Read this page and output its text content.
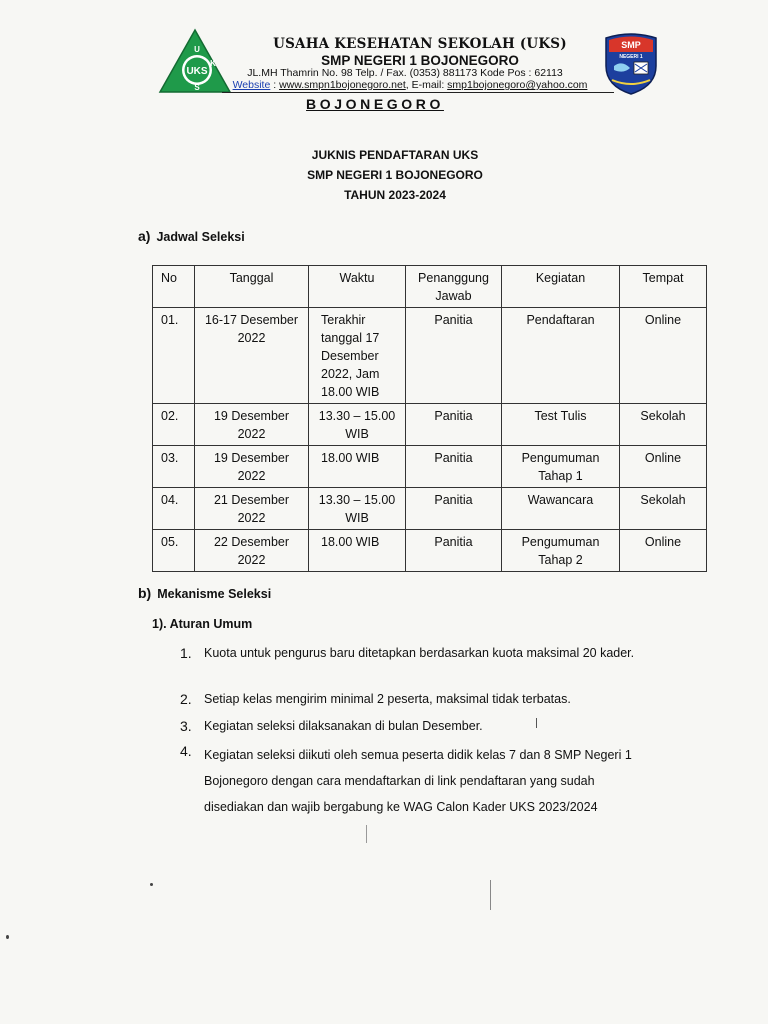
UKS
U
K
S
SMP
NEGERI 1
USAHA KESEHATAN SEKOLAH (UKS)
SMP NEGERI 1 BOJONEGORO
JL.MH Thamrin No. 98 Telp. / Fax. (0353) 881173 Kode Pos : 62113
Website : www.smpn1bojonegoro.net, E-mail: smp1bojonegoro@yahoo.com
BOJONEGORO
JUKNIS PENDAFTARAN UKS
SMP NEGERI 1 BOJONEGORO
TAHUN 2023-2024
a) Jadwal Seleksi
No	Tanggal	Waktu	Penanggung Jawab	Kegiatan	Tempat
01.	16-17 Desember 2022	Terakhir tanggal 17 Desember 2022, Jam 18.00 WIB	Panitia	Pendaftaran	Online
02.	19 Desember 2022	13.30 – 15.00 WIB	Panitia	Test Tulis	Sekolah
03.	19 Desember 2022	18.00 WIB	Panitia	Pengumuman Tahap 1	Online
04.	21 Desember 2022	13.30 – 15.00 WIB	Panitia	Wawancara	Sekolah
05.	22 Desember 2022	18.00 WIB	Panitia	Pengumuman Tahap 2	Online
b) Mekanisme Seleksi
1). Aturan Umum
1. Kuota untuk pengurus baru ditetapkan berdasarkan kuota maksimal 20 kader.
2. Setiap kelas mengirim minimal 2 peserta, maksimal tidak terbatas.
3. Kegiatan seleksi dilaksanakan di bulan Desember.
4. Kegiatan seleksi diikuti oleh semua peserta didik kelas 7 dan 8 SMP Negeri 1 Bojonegoro dengan cara mendaftarkan di link pendaftaran yang sudah disediakan dan wajib bergabung ke WAG Calon Kader UKS 2023/2024
